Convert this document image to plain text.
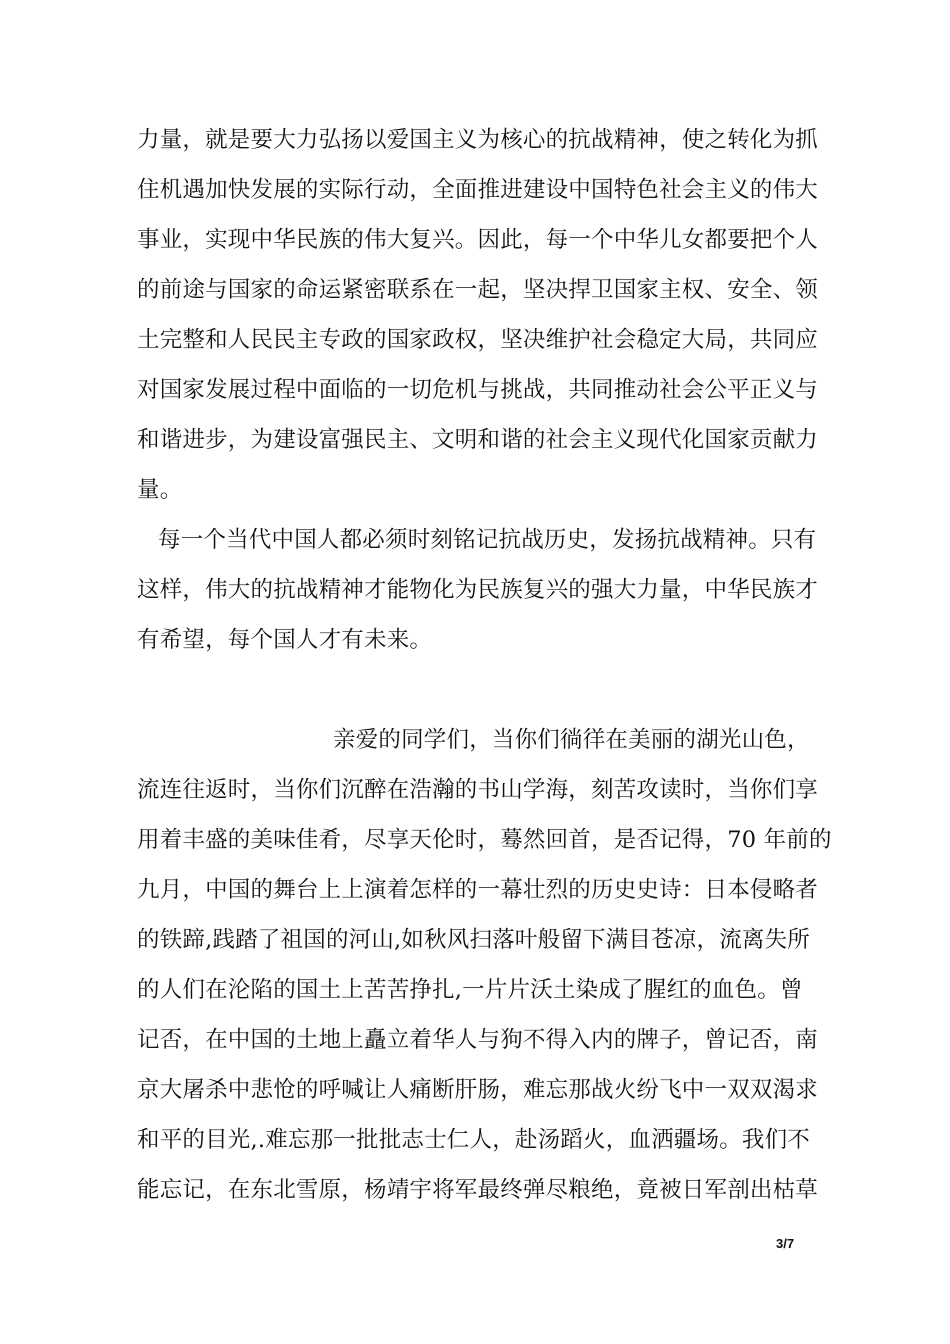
力量，就是要大力弘扬以爱国主义为核心的抗战精神，使之转化为抓
住机遇加快发展的实际行动，全面推进建设中国特色社会主义的伟大
事业，实现中华民族的伟大复兴。因此，每一个中华儿女都要把个人
的前途与国家的命运紧密联系在一起，坚决捍卫国家主权、安全、领
土完整和人民民主专政的国家政权，坚决维护社会稳定大局，共同应
对国家发展过程中面临的一切危机与挑战，共同推动社会公平正义与
和谐进步，为建设富强民主、文明和谐的社会主义现代化国家贡献力
量。
每一个当代中国人都必须时刻铭记抗战历史，发扬抗战精神。只有
这样，伟大的抗战精神才能物化为民族复兴的强大力量，中华民族才
有希望，每个国人才有未来。
亲爱的同学们，当你们徜徉在美丽的湖光山色，
流连往返时，当你们沉醉在浩瀚的书山学海，刻苦攻读时，当你们享
用着丰盛的美味佳肴，尽享天伦时，蓦然回首，是否记得，70 年前的
九月，中国的舞台上上演着怎样的一幕壮烈的历史史诗：日本侵略者
的铁蹄,践踏了祖国的河山,如秋风扫落叶般留下满目苍凉，流离失所
的人们在沦陷的国土上苦苦挣扎,一片片沃土染成了腥红的血色。曾
记否，在中国的土地上矗立着华人与狗不得入内的牌子，曾记否，南
京大屠杀中悲怆的呼喊让人痛断肝肠，难忘那战火纷飞中一双双渴求
和平的目光,.难忘那一批批志士仁人，赴汤蹈火，血洒疆场。我们不
能忘记，在东北雪原，杨靖宇将军最终弹尽粮绝，竟被日军剖出枯草
3/7
